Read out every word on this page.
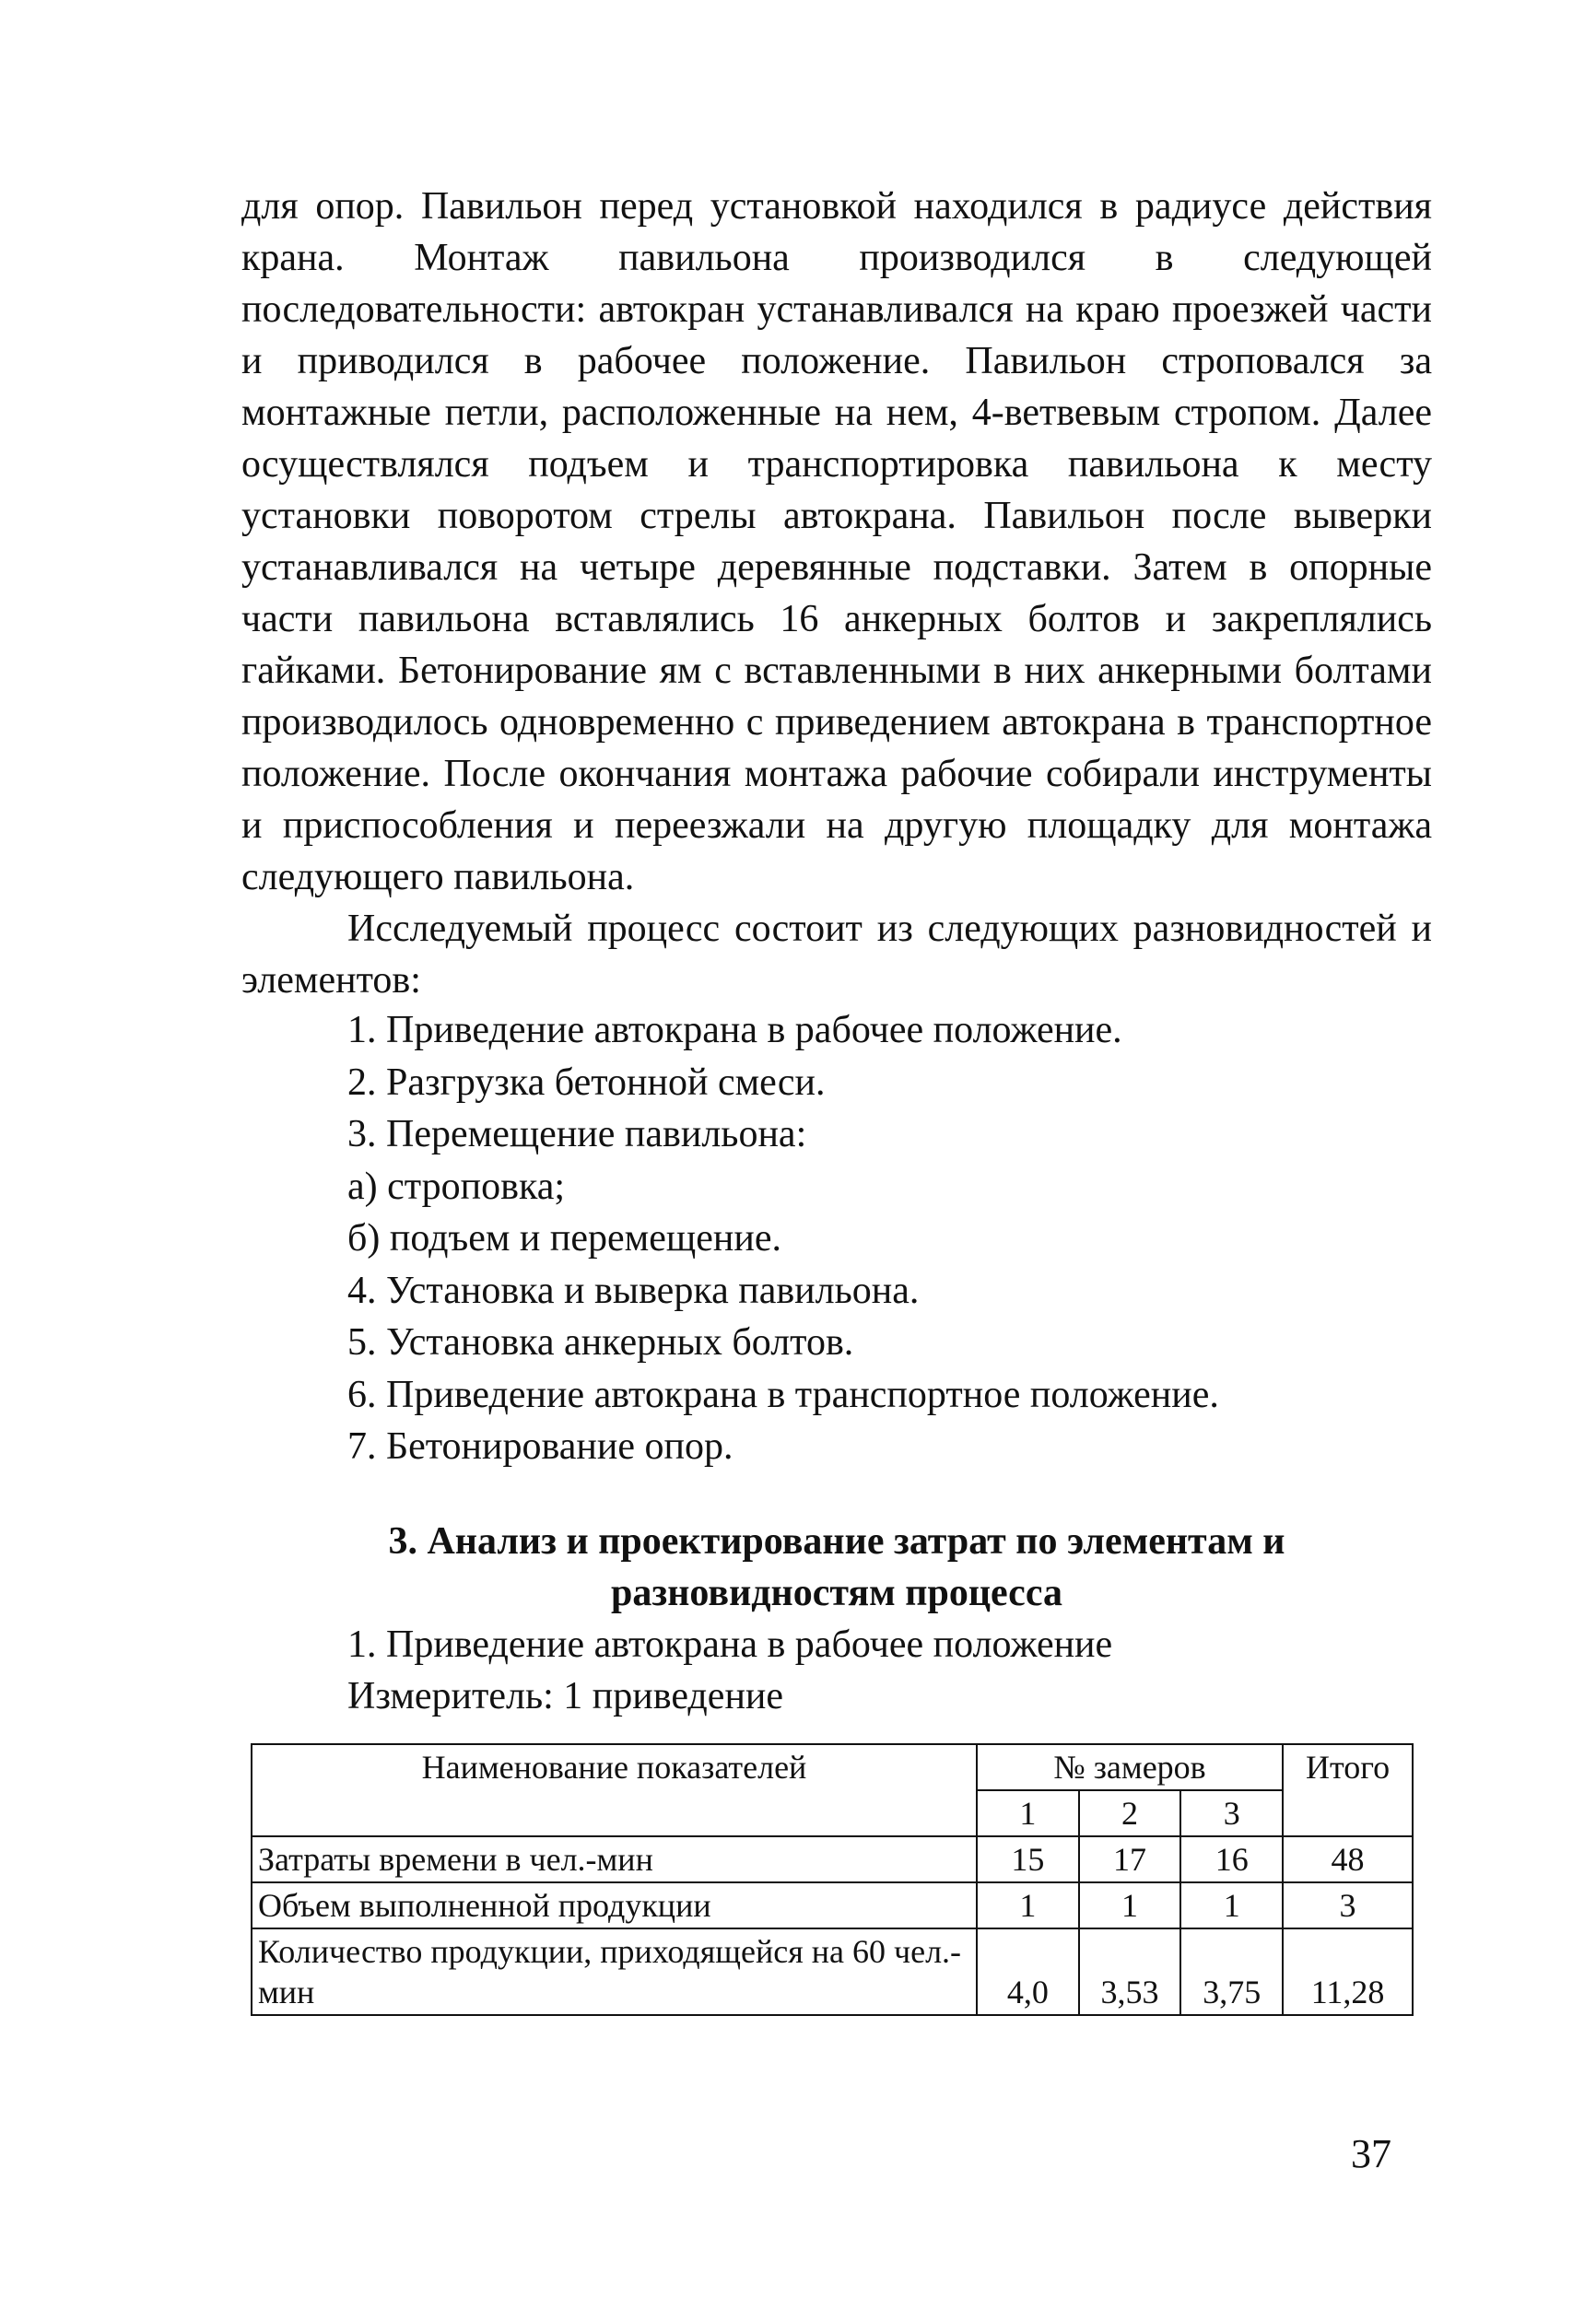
для опор. Павильон перед установкой находился в радиусе действия крана. Монтаж павильона производился в следующей последовательности: автокран устанавливался на краю проезжей части и приводился в рабочее положение. Павильон строповался за монтажные петли, расположенные на нем, 4-ветвевым стропом. Далее осуществлялся подъем и транспортировка павильона к месту установки поворотом стрелы автокрана. Павильон после выверки устанавливался на четыре деревянные подставки. Затем в опорные части павильона вставлялись 16 анкерных болтов и закреплялись гайками. Бетонирование ям с вставленными в них анкерными болтами производилось одновременно с приведением автокрана в транспортное положение. После окончания монтажа рабочие собирали инструменты и приспособления и переезжали на другую площадку для монтажа следующего павильона.

Исследуемый процесс состоит из следующих разновидностей и элементов:

1. Приведение автокрана в рабочее положение.
2. Разгрузка бетонной смеси.
3. Перемещение павильона:
а) строповка;
б) подъем и перемещение.
4. Установка и выверка павильона.
5. Установка анкерных болтов.
6. Приведение автокрана в транспортное положение.
7. Бетонирование опор.
3. Анализ и проектирование затрат по элементам и
разновидностям процесса

1. Приведение автокрана в рабочее положение

Измеритель: 1 приведение

Наименование показателей	№ замеров			Итого
	1	2	3	
Затраты времени в чел.-мин	15	17	16	48
Объем выполненной продукции	1	1	1	3
Количество продукции, приходящейся на 60 чел.-мин	4,0	3,53	3,75	11,28

37
